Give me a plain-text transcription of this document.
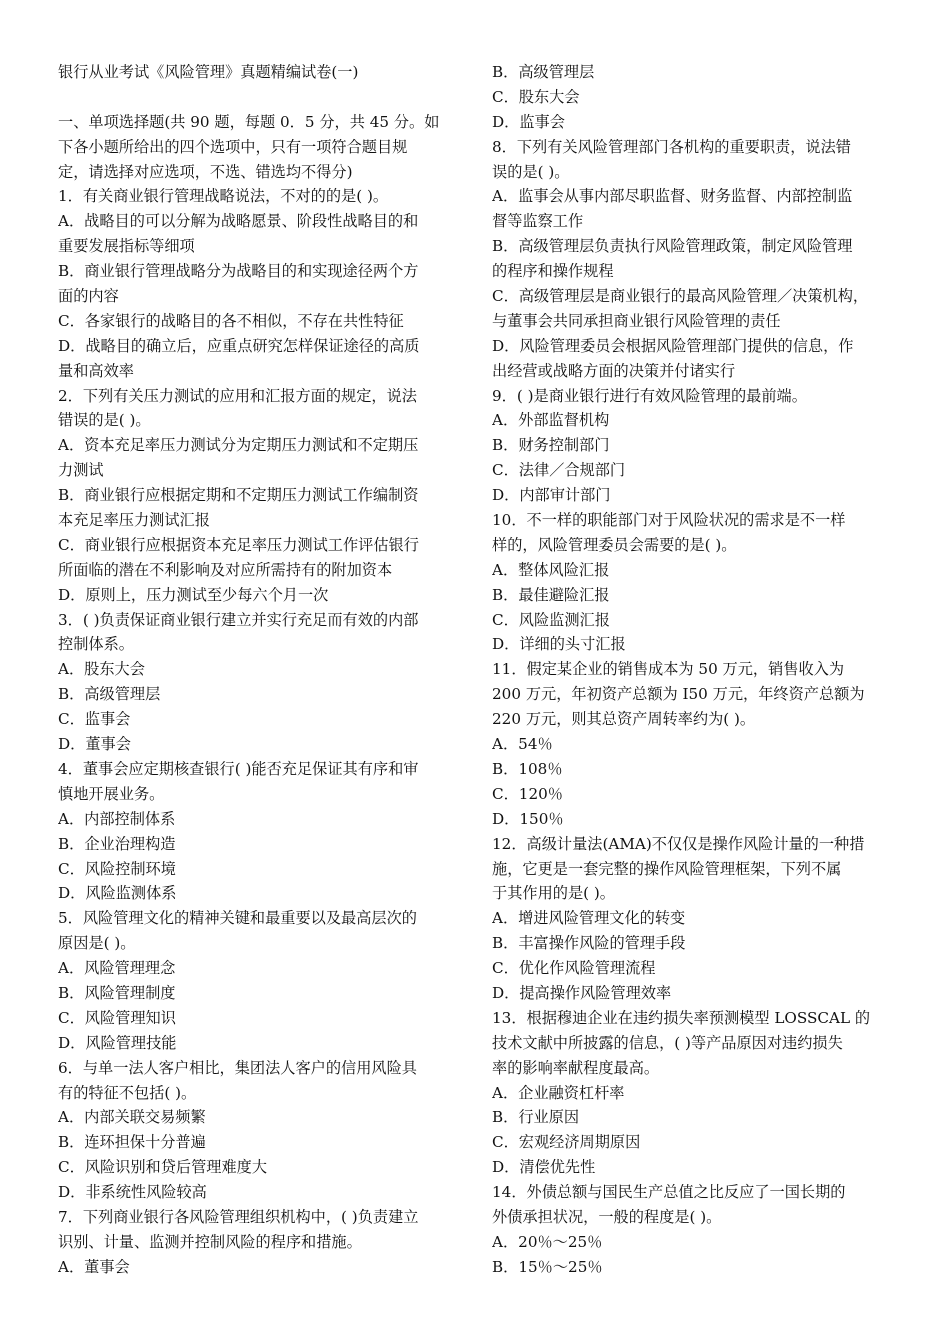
银行从业考试《风险管理》真题精编试卷(一)
一、单项选择题(共 90 题，每题 0．5 分，共 45 分。如
下各小题所给出的四个选项中，只有一项符合题目规
定，请选择对应选项，不选、错选均不得分)
1．有关商业银行管理战略说法，不对的的是( )。
A．战略目的可以分解为战略愿景、阶段性战略目的和
重要发展指标等细项
B．商业银行管理战略分为战略目的和实现途径两个方
面的内容
C．各家银行的战略目的各不相似，不存在共性特征
D．战略目的确立后，应重点研究怎样保证途径的高质
量和高效率
2．下列有关压力测试的应用和汇报方面的规定，说法
错误的是( )。
A．资本充足率压力测试分为定期压力测试和不定期压
力测试
B．商业银行应根据定期和不定期压力测试工作编制资
本充足率压力测试汇报
C．商业银行应根据资本充足率压力测试工作评估银行
所面临的潜在不利影响及对应所需持有的附加资本
D．原则上，压力测试至少每六个月一次
3．( )负责保证商业银行建立并实行充足而有效的内部
控制体系。
A．股东大会
B．高级管理层
C．监事会
D．董事会
4．董事会应定期核查银行( )能否充足保证其有序和审
慎地开展业务。
A．内部控制体系
B．企业治理构造
C．风险控制环境
D．风险监测体系
5．风险管理文化的精神关键和最重要以及最高层次的
原因是( )。
A．风险管理理念
B．风险管理制度
C．风险管理知识
D．风险管理技能
6．与单一法人客户相比，集团法人客户的信用风险具
有的特征不包括( )。
A．内部关联交易频繁
B．连环担保十分普遍
C．风险识别和贷后管理难度大
D．非系统性风险较高
7．下列商业银行各风险管理组织机构中，( )负责建立
识别、计量、监测并控制风险的程序和措施。
A．董事会
B．高级管理层
C．股东大会
D．监事会
8．下列有关风险管理部门各机构的重要职责，说法错
误的是( )。
A．监事会从事内部尽职监督、财务监督、内部控制监
督等监察工作
B．高级管理层负责执行风险管理政策，制定风险管理
的程序和操作规程
C．高级管理层是商业银行的最高风险管理／决策机构，
与董事会共同承担商业银行风险管理的责任
D．风险管理委员会根据风险管理部门提供的信息，作
出经营或战略方面的决策并付诸实行
9．( )是商业银行进行有效风险管理的最前端。
A．外部监督机构
B．财务控制部门
C．法律／合规部门
D．内部审计部门
10．不一样的职能部门对于风险状况的需求是不一样
样的，风险管理委员会需要的是( )。
A．整体风险汇报
B．最佳避险汇报
C．风险监测汇报
D．详细的头寸汇报
11．假定某企业的销售成本为 50 万元，销售收入为
200 万元，年初资产总额为 I50 万元，年终资产总额为
220 万元，则其总资产周转率约为( )。
A．54％
B．108％
C．120％
D．150％
12．高级计量法(AMA)不仅仅是操作风险计量的一种措
施，它更是一套完整的操作风险管理框架，下列不属
于其作用的是( )。
A．增进风险管理文化的转变
B．丰富操作风险的管理手段
C．优化作风险管理流程
D．提高操作风险管理效率
13．根据穆迪企业在违约损失率预测模型 LOSSCAL 的
技术文献中所披露的信息，( )等产品原因对违约损失
率的影响率献程度最高。
A．企业融资杠杆率
B．行业原因
C．宏观经济周期原因
D．清偿优先性
14．外债总额与国民生产总值之比反应了一国长期的
外债承担状况，一般的程度是( )。
A．20％～25％
B．15％～25％
